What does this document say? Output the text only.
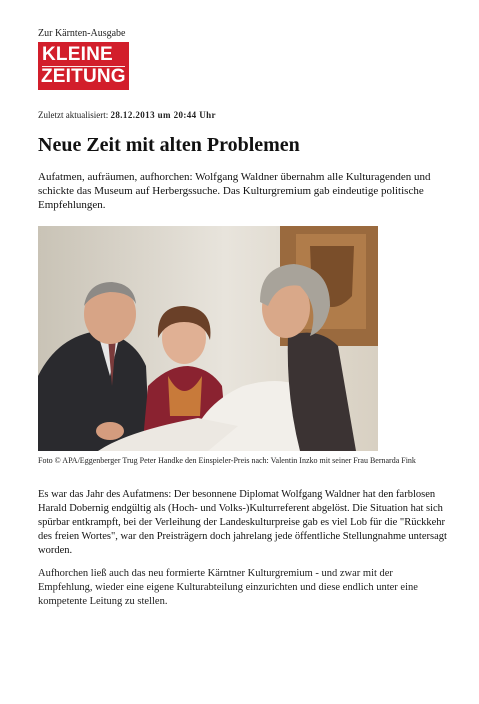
Zur Kärnten-Ausgabe
KLEINE
ZEITUNG
Zuletzt aktualisiert: 28.12.2013 um 20:44 Uhr
Neue Zeit mit alten Problemen

Aufatmen, aufräumen, aufhorchen: Wolfgang Waldner übernahm alle Kulturagenden und schickte das Museum auf Herbergssuche. Das Kulturgremium gab eindeutige politische Empfehlungen.

Foto © APA/Eggenberger Trug Peter Handke den Einspieler-Preis nach: Valentin Inzko mit seiner Frau Bernarda Fink

Es war das Jahr des Aufatmens: Der besonnene Diplomat Wolfgang Waldner hat den farblosen Harald Dobernig endgültig als (Hoch- und Volks-)Kulturreferent abgelöst. Die Situation hat sich spürbar entkrampft, bei der Verleihung der Landeskulturpreise gab es viel Lob für die "Rückkehr des freien Wortes", war den Preisträgern doch jahrelang jede öffentliche Stellungnahme untersagt worden.

Aufhorchen ließ auch das neu formierte Kärntner Kulturgremium - und zwar mit der Empfehlung, wieder eine eigene Kulturabteilung einzurichten und diese endlich unter eine kompetente Leitung zu stellen.
